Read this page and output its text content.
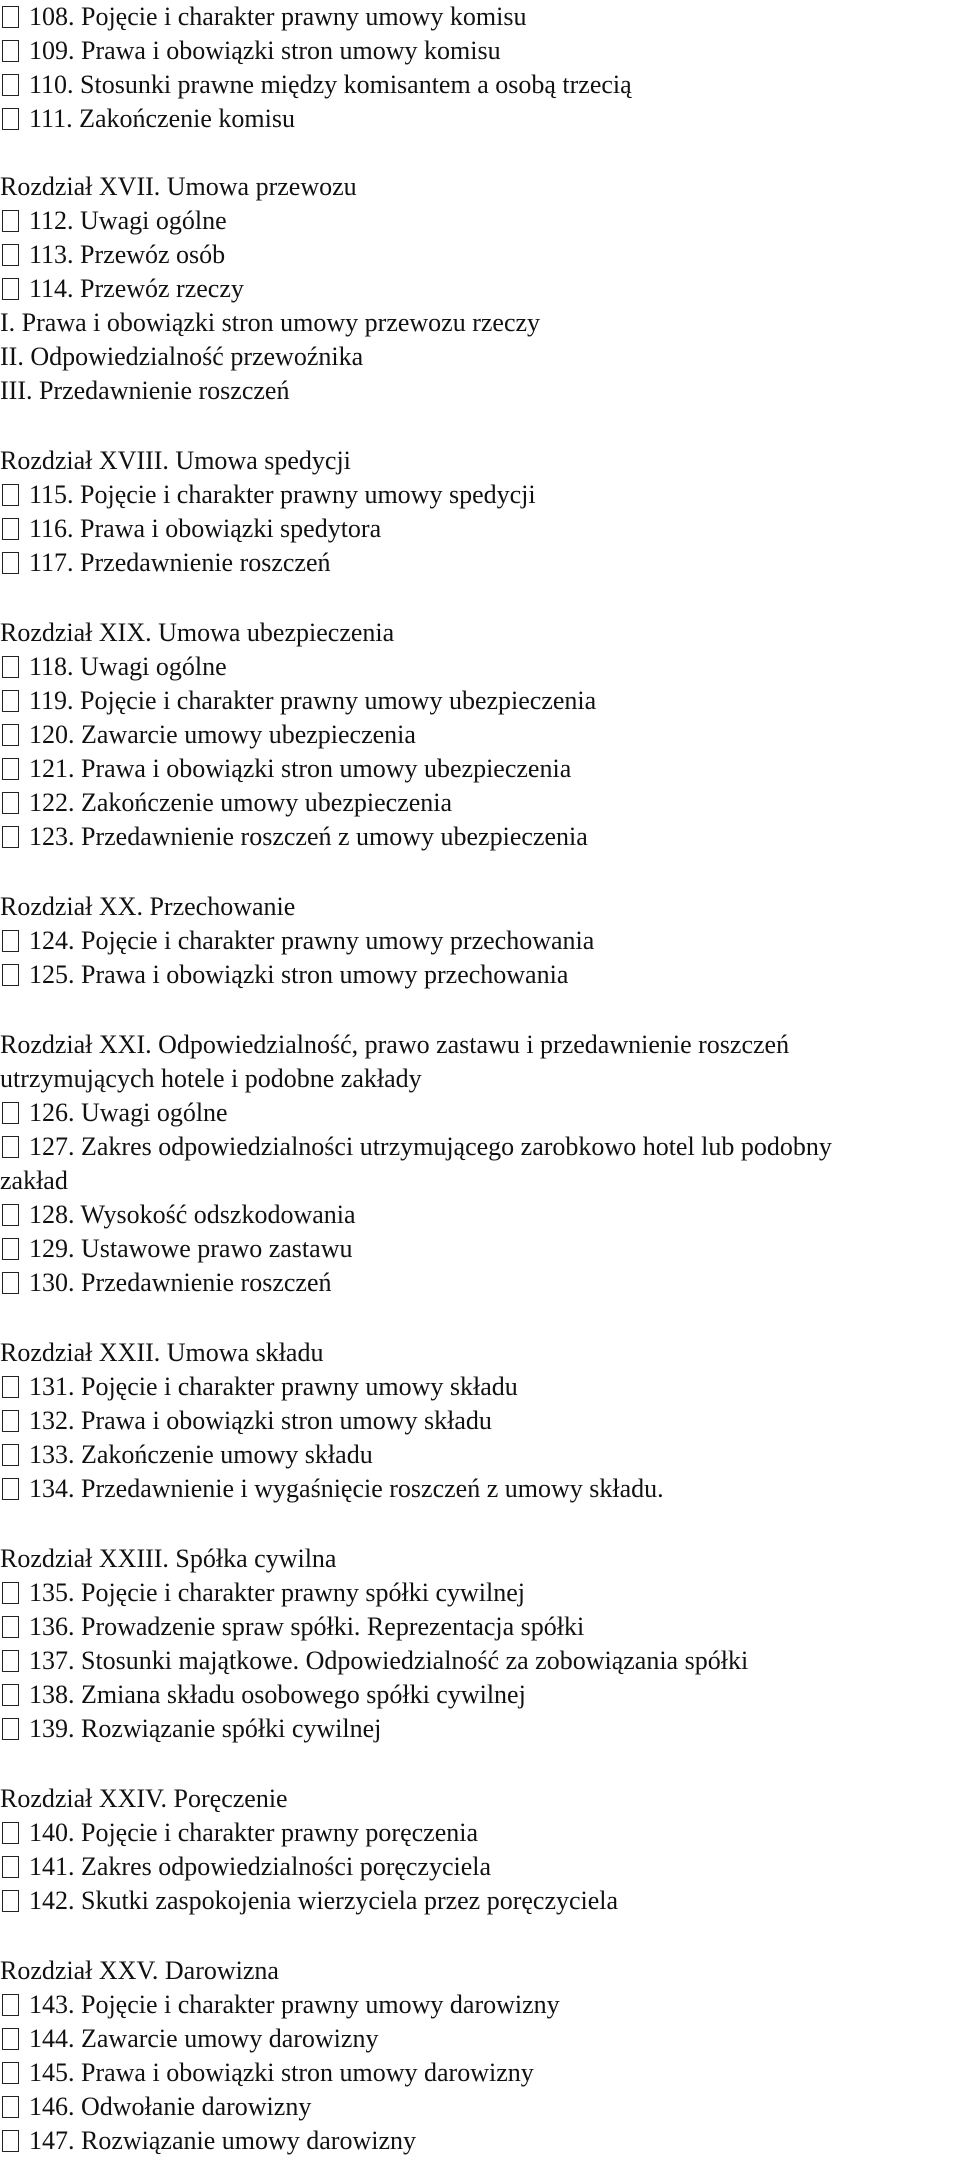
108. Pojęcie i charakter prawny umowy komisu
109. Prawa i obowiązki stron umowy komisu
110. Stosunki prawne między komisantem a osobą trzecią
111. Zakończenie komisu
Rozdział XVII. Umowa przewozu
112. Uwagi ogólne
113. Przewóz osób
114. Przewóz rzeczy
I. Prawa i obowiązki stron umowy przewozu rzeczy
II. Odpowiedzialność przewoźnika
III. Przedawnienie roszczeń
Rozdział XVIII. Umowa spedycji
115. Pojęcie i charakter prawny umowy spedycji
116. Prawa i obowiązki spedytora
117. Przedawnienie roszczeń
Rozdział XIX. Umowa ubezpieczenia
118. Uwagi ogólne
119. Pojęcie i charakter prawny umowy ubezpieczenia
120. Zawarcie umowy ubezpieczenia
121. Prawa i obowiązki stron umowy ubezpieczenia
122. Zakończenie umowy ubezpieczenia
123. Przedawnienie roszczeń z umowy ubezpieczenia
Rozdział XX. Przechowanie
124. Pojęcie i charakter prawny umowy przechowania
125. Prawa i obowiązki stron umowy przechowania
Rozdział XXI. Odpowiedzialność, prawo zastawu i przedawnienie roszczeń
utrzymujących hotele i podobne zakłady
126. Uwagi ogólne
127. Zakres odpowiedzialności utrzymującego zarobkowo hotel lub podobny
zakład
128. Wysokość odszkodowania
129. Ustawowe prawo zastawu
130. Przedawnienie roszczeń
Rozdział XXII. Umowa składu
131. Pojęcie i charakter prawny umowy składu
132. Prawa i obowiązki stron umowy składu
133. Zakończenie umowy składu
134. Przedawnienie i wygaśnięcie roszczeń z umowy składu.
Rozdział XXIII. Spółka cywilna
135. Pojęcie i charakter prawny spółki cywilnej
136. Prowadzenie spraw spółki. Reprezentacja spółki
137. Stosunki majątkowe. Odpowiedzialność za zobowiązania spółki
138. Zmiana składu osobowego spółki cywilnej
139. Rozwiązanie spółki cywilnej
Rozdział XXIV. Poręczenie
140. Pojęcie i charakter prawny poręczenia
141. Zakres odpowiedzialności poręczyciela
142. Skutki zaspokojenia wierzyciela przez poręczyciela
Rozdział XXV. Darowizna
143. Pojęcie i charakter prawny umowy darowizny
144. Zawarcie umowy darowizny
145. Prawa i obowiązki stron umowy darowizny
146. Odwołanie darowizny
147. Rozwiązanie umowy darowizny
